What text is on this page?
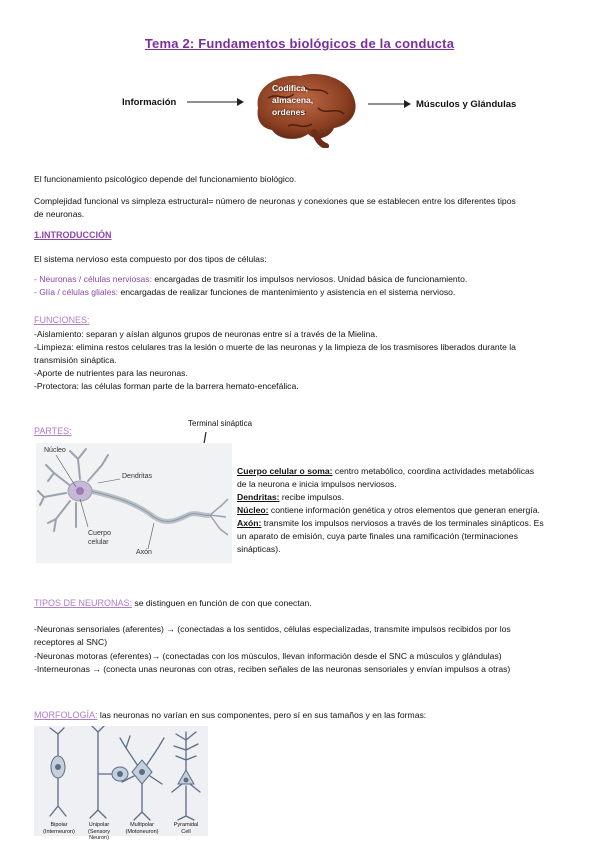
Tema 2: Fundamentos biológicos de la conducta
Información
Codifica,
almacena,
ordenes
Músculos y Glándulas
El funcionamiento psicológico depende del funcionamiento biológico.
Complejidad funcional vs simpleza estructural= número de neuronas y conexiones que se establecen entre los diferentes tipos
de neuronas.
1.INTRODUCCIÓN
El sistema nervioso esta compuesto por dos tipos de células:
- Neuronas / células nerviosas: encargadas de trasmitir los impulsos nerviosos. Unidad básica de funcionamiento.
- Glía / células gliales: encargadas de realizar funciones de mantenimiento y asistencia en el sistema nervioso.
FUNCIONES:
-Aislamiento: separan y aíslan algunos grupos de neuronas entre sí a través de la Mielina.
-Limpieza: elimina restos celulares tras la lesión o muerte de las neuronas y la limpieza de los trasmisores liberados durante la
transmisión sináptica.
-Aporte de nutrientes para las neuronas.
-Protectora: las células forman parte de la barrera hemato-encefálica.
PARTES:
Terminal sináptica
Núcleo
Dendritas
Cuerpo
celular
Axón
Cuerpo celular o soma: centro metabólico, coordina actividades metabólicas
de la neurona e inicia impulsos nerviosos.
Dendritas: recibe impulsos.
Núcleo: contiene información genética y otros elementos que generan energía.
Axón: transmite los impulsos nerviosos a través de los terminales sinápticos. Es
un aparato de emisión, cuya parte finales una ramificación (terminaciones
sinápticas).
TIPOS DE NEURONAS: se distinguen en función de con que conectan.
-Neuronas sensoriales (aferentes) → (conectadas a los sentidos, células especializadas, transmite impulsos recibidos por los
receptores al SNC)
-Neuronas motoras (eferentes)→ (conectadas con los músculos, llevan información desde el SNC a músculos y glándulas)
-Interneuronas → (conecta unas neuronas con otras, reciben señales de las neuronas sensoriales y envían impulsos a otras)
MORFOLOGÍA: las neuronas no varían en sus componentes, pero sí en sus tamaños y en las formas:
Bipolar
(Interneuron)
Unipolar
(Sensory Neuron)
Multipolar
(Motoneuron)
Pyramidal
Cell
